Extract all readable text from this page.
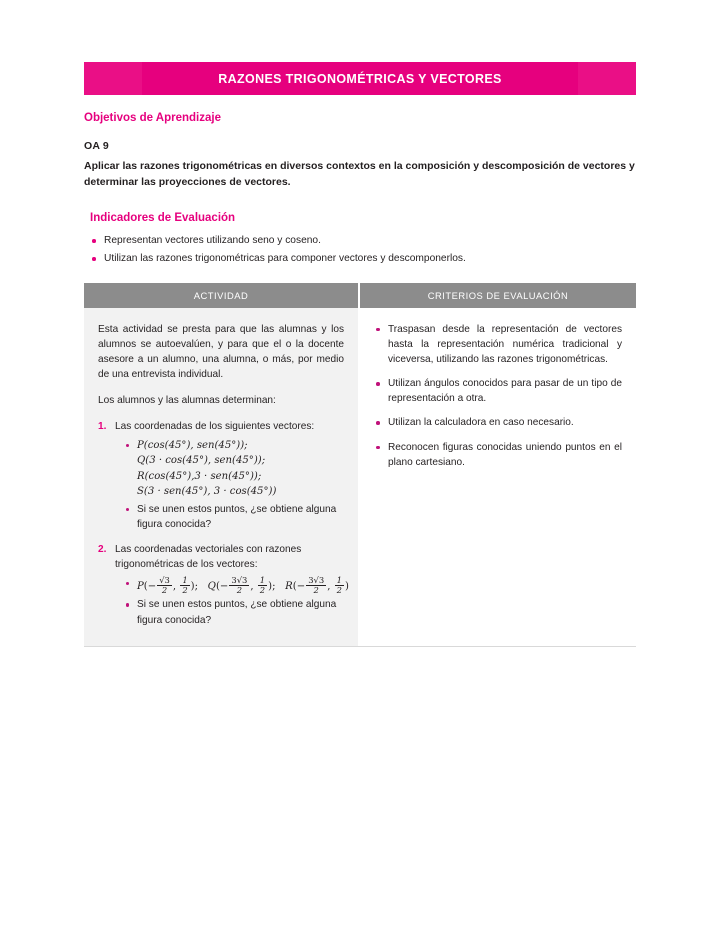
RAZONES TRIGONOMÉTRICAS Y VECTORES
Objetivos de Aprendizaje
OA 9
Aplicar las razones trigonométricas en diversos contextos en la composición y descomposición de vectores y determinar las proyecciones de vectores.
Indicadores de Evaluación
Representan vectores utilizando seno y coseno.
Utilizan las razones trigonométricas para componer vectores y descomponerlos.
ACTIVIDAD	CRITERIOS DE EVALUACIÓN

Esta actividad se presta para que las alumnas y los alumnos se autoevalúen, y para que el o la docente asesore a un alumno, una alumna, o más, por medio de una entrevista individual.

Los alumnos y las alumnas determinan:

Las coordenadas de los siguientes vectores:
P(cos(45°), sen(45°));
Q(3 · cos(45°), sen(45°));
R(cos(45°),3 · sen(45°));
S(3 · sen(45°), 3 · cos(45°))
Si se unen estos puntos, ¿se obtiene alguna figura conocida?
Las coordenadas vectoriales con razones trigonométricas de los vectores:
$P(- \frac{√3}{2}$ , $\frac{1}{2}$ ); $Q(- \frac{3√3}{2}$ , $\frac{1}{2}$ ); $R(- \frac{3√3}{2}$ , $\frac{1}{2}$ )
Si se unen estos puntos, ¿se obtiene alguna figura conocida?
Traspasan desde la representación de vectores hasta la representación numérica tradicional y viceversa, utilizando las razones trigonométricas.
Utilizan ángulos conocidos para pasar de un tipo de representación a otra.
Utilizan la calculadora en caso necesario.
Reconocen figuras conocidas uniendo puntos en el plano cartesiano.
